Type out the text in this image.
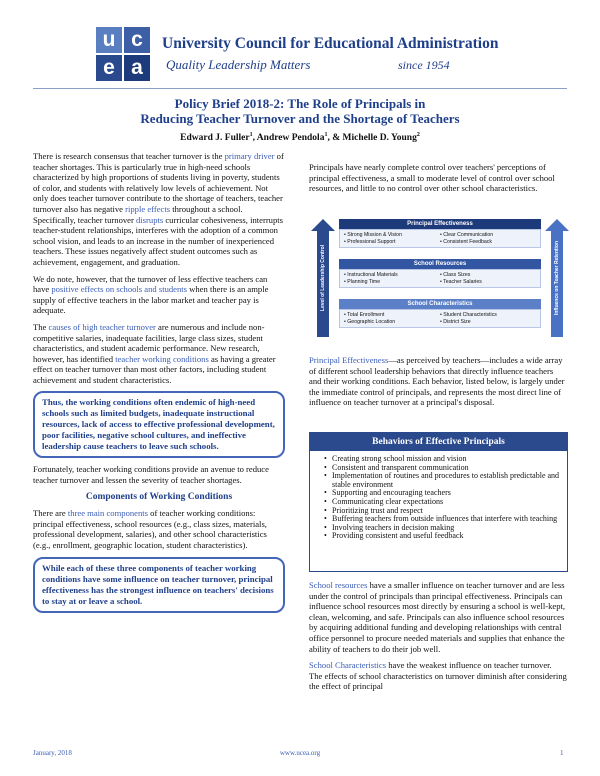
u c
e a
University Council for Educational Administration
Quality Leadership Matters	since 1954
Policy Brief 2018-2: The Role of Principals in
Reducing Teacher Turnover and the Shortage of Teachers
Edward J. Fuller$^1$, Andrew Pendola$^1$, & Michelle D. Young$^2$

There is research consensus that teacher turnover is the primary driver of teacher shortages. This is particularly true in high-need schools characterized by high proportions of students living in poverty, students of color, and students with relatively low levels of achievement. Not only does teacher turnover contribute to the shortage of teachers, teacher turnover also has negative ripple effects throughout a school. Specifically, teacher turnover disrupts curricular cohesiveness, interrupts teacher-student relationships, interferes with the adoption of a common school vision, and leads to an increase in the number of inexperienced teachers. These issues negatively affect student outcomes such as achievement, engagement, and graduation.

We do note, however, that the turnover of less effective teachers can have positive effects on schools and students when there is an ample supply of effective teachers in the labor market and teacher pay is adequate.

The causes of high teacher turnover are numerous and include non-competitive salaries, inadequate facilities, large class sizes, student characteristics, and student academic performance. New research, however, has identified teacher working conditions as having a greater effect on teacher turnover than most other factors, including student achievement and student characteristics.

Thus, the working conditions often endemic of high-need schools such as limited budgets, inadequate instructional resources, lack of access to effective professional development, poor facilities, negative school cultures, and ineffective leadership cause teachers to leave such schools.

Fortunately, teacher working conditions provide an avenue to reduce teacher turnover and lessen the severity of teacher shortages.

Components of Working Conditions

There are three main components of teacher working conditions: principal effectiveness, school resources (e.g., class sizes, materials, professional development, salaries), and other school characteristics (e.g., enrollment, geographic location, student characteristics).

While each of these three components of teacher working conditions have some influence on teacher turnover, principal effectiveness has the strongest influence on teachers' decisions to stay at or leave a school.

Principals have nearly complete control over teachers' perceptions of principal effectiveness, a small to moderate level of control over school resources, and little to no control over other school characteristics.

Level of Leadership Control	Influence on Teacher Retention
Principal Effectiveness
• Strong Mission & Vision	• Clear Communication
• Professional Support	• Consistent Feedback
School Resources
• Instructional Materials	• Class Sizes
• Planning Time	• Teacher Salaries
School Characteristics
• Total Enrollment	• Student Characteristics
• Geographic Location	• District Size

Principal Effectiveness—as perceived by teachers—includes a wide array of different school leadership behaviors that directly influence teachers and their working conditions. Each behavior, listed below, is largely under the immediate control of principals, and represents the most direct line of influence on teacher turnover at a principal's disposal.

Behaviors of Effective Principals
• Creating strong school mission and vision
• Consistent and transparent communication
• Implementation of routines and procedures to establish predictable and stable environment
• Supporting and encouraging teachers
• Communicating clear expectations
• Prioritizing trust and respect
• Buffering teachers from outside influences that interfere with teaching
• Involving teachers in decision making
• Providing consistent and useful feedback

School resources have a smaller influence on teacher turnover and are less under the control of principals than principal effectiveness. Principals can influence school resources most directly by ensuring a school is well-kept, clean, welcoming, and safe. Principals can also influence school resources by acquiring additional funding and developing relationships with central office personnel to procure needed materials and supplies that enhance the ability of teachers to do their job well.

School Characteristics have the weakest influence on teacher turnover. The effects of school characteristics on turnover diminish after considering the effect of principal

January, 2018	www.ucea.org	1
